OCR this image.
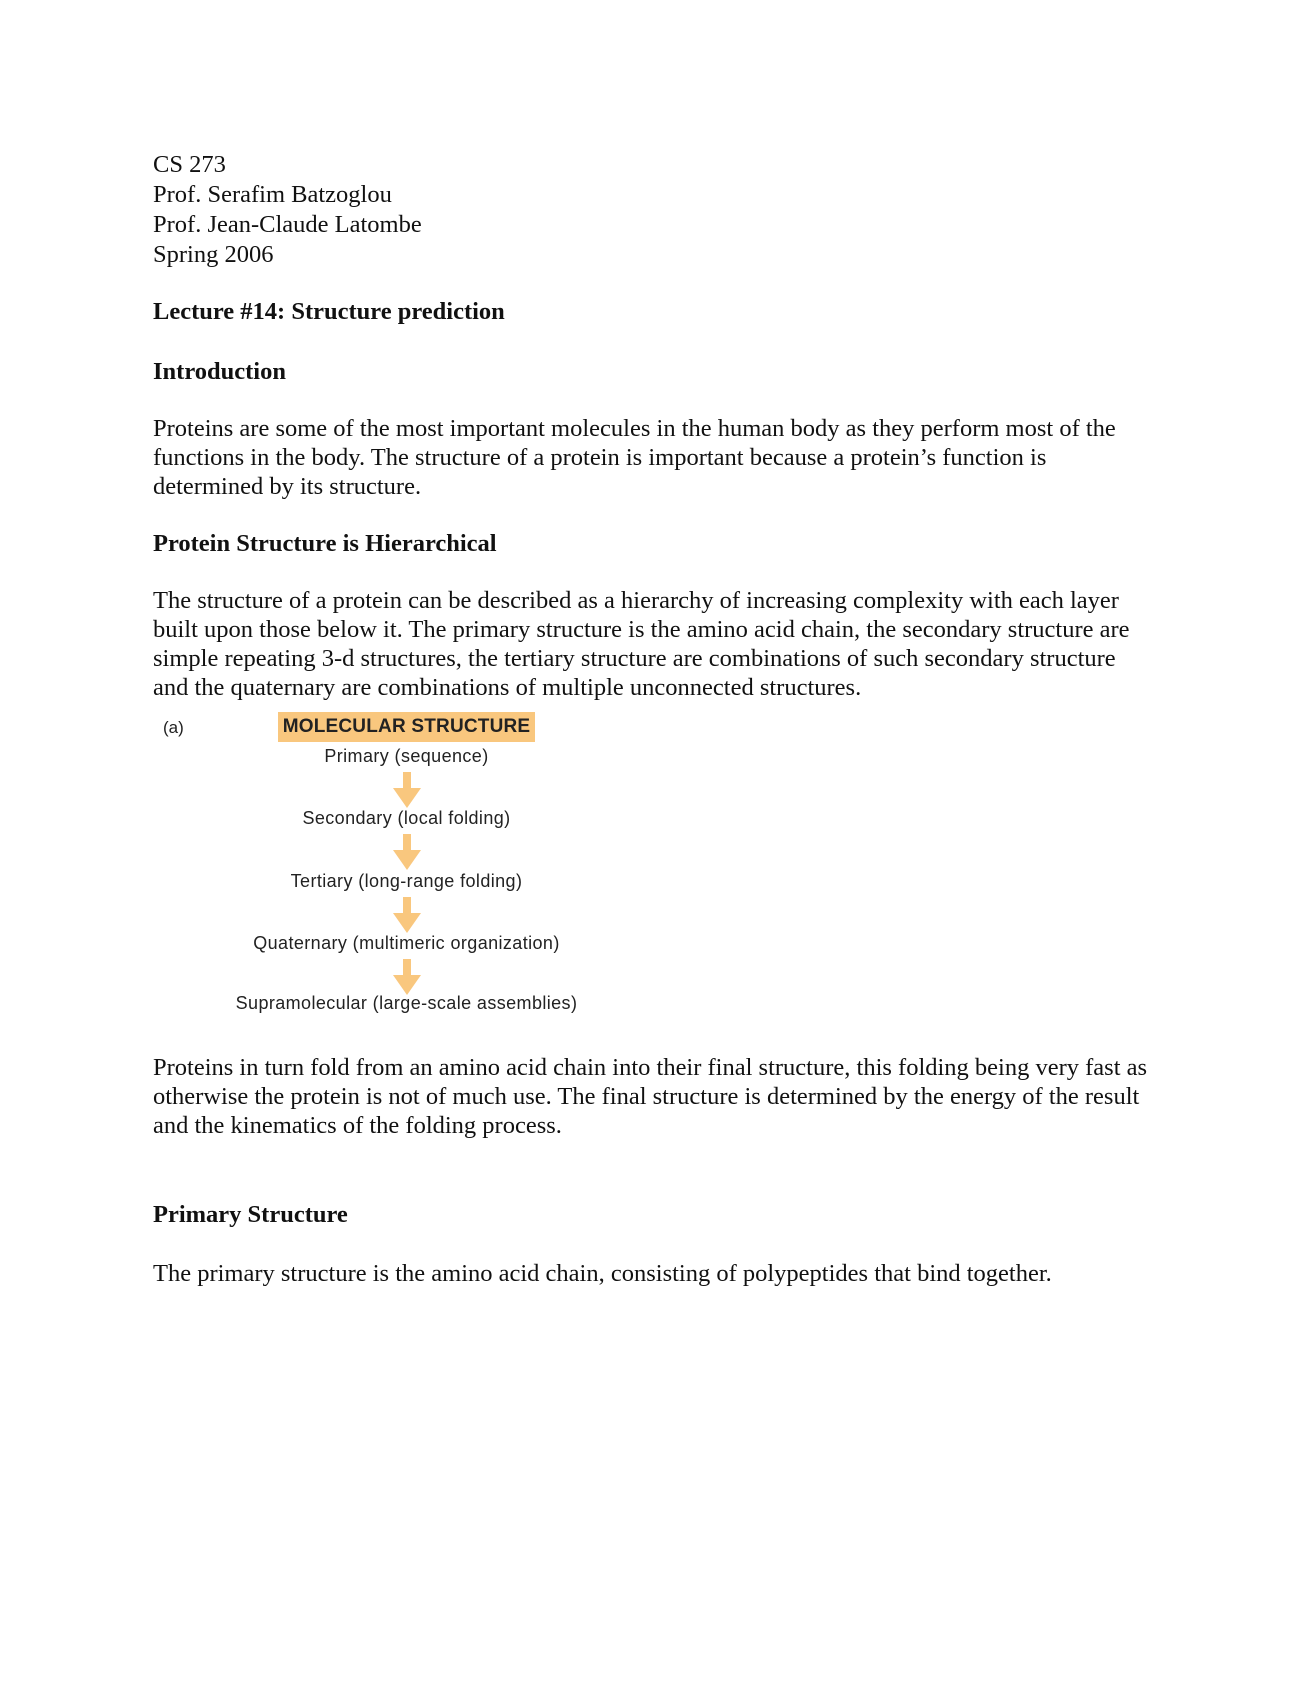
CS 273

Prof. Serafim Batzoglou

Prof. Jean-Claude Latombe

Spring 2006

Lecture #14: Structure prediction

Introduction

Proteins are some of the most important molecules in the human body as they perform most of the functions in the body. The structure of a protein is important because a protein’s function is determined by its structure.

Protein Structure is Hierarchical

The structure of a protein can be described as a hierarchy of increasing complexity with each layer built upon those below it. The primary structure is the amino acid chain, the secondary structure are simple repeating 3-d structures, the tertiary structure are combinations of such secondary structure and the quaternary are combinations of multiple unconnected structures.

(a)	MOLECULAR STRUCTURE
Primary (sequence)
Secondary (local folding)
Tertiary (long-range folding)
Quaternary (multimeric organization)
Supramolecular (large-scale assemblies)

Proteins in turn fold from an amino acid chain into their final structure, this folding being very fast as otherwise the protein is not of much use. The final structure is determined by the energy of the result and the kinematics of the folding process.

Primary Structure

The primary structure is the amino acid chain, consisting of polypeptides that bind together.
